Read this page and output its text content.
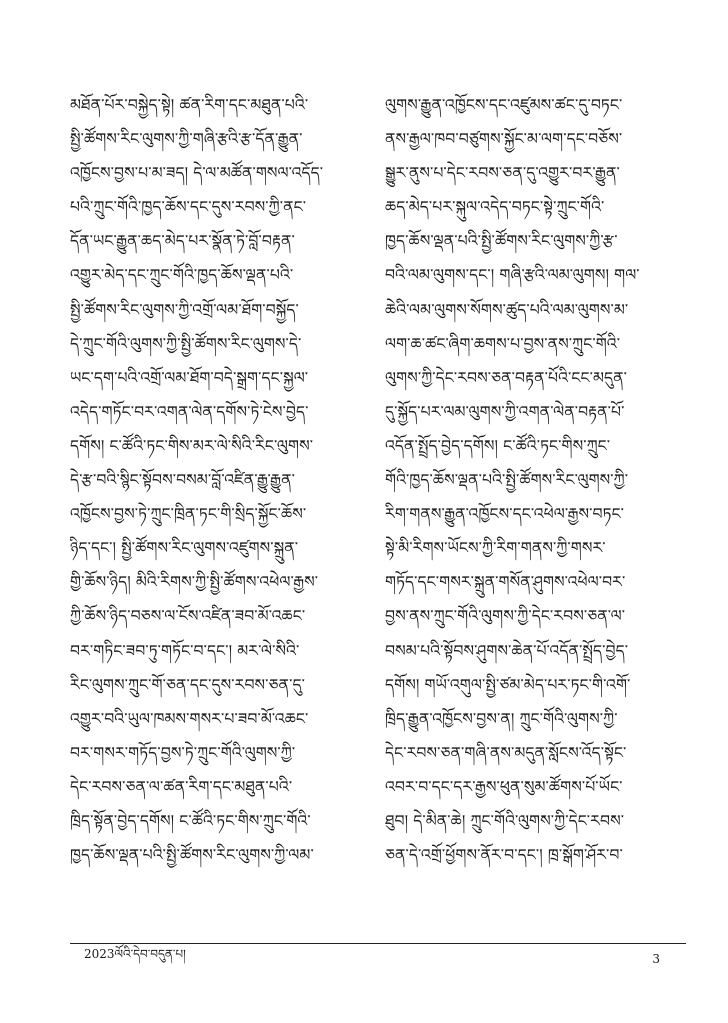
མཐོན་པོར་བསྐྱེད་སྟེ། ཚན་རིག་དང་མཐུན་པའི་
སྤྱི་ཚོགས་རིང་ལུགས་ཀྱི་གཞི་རྩའི་རྩ་དོན་རྒྱུན་
འཁྱོངས་བྱས་པ་མ་ཟད། དེ་ལ་མཚོན་གསལ་འདོད་
པའི་ཀྲུང་གོའི་ཁྱད་ཆོས་དང་དུས་རབས་ཀྱི་ནང་
དོན་ཡང་རྒྱུན་ཆད་མེད་པར་སྣོན་ཏེ་བློ་བརྟན་
འགྱུར་མེད་དང་ཀྲུང་གོའི་ཁྱད་ཆོས་ལྡན་པའི་
སྤྱི་ཚོགས་རིང་ལུགས་ཀྱི་འགྲོ་ལམ་ཐོག་བསྐྱོད་
དེ་ཀྲུང་གོའི་ལུགས་ཀྱི་སྤྱི་ཚོགས་རིང་ལུགས་དེ་
ཡང་དག་པའི་འགྲོ་ལམ་ཐོག་བདེ་སྒྲག་དང་སྐྱལ་
འདེད་གཏོང་བར་འགན་ལེན་དགོས་ཏེ་ངེས་བྱེད་
དགོས། ང་ཚོའི་ཏང་གིས་མར་ལེ་སིའི་རིང་ལུགས་
དེ་རྩ་བའི་སྙིང་སྟོབས་བསམ་བློ་འཛིན་རྒྱུ་རྒྱུན་
འཁྱོངས་བྱས་ཏེ་ཀྲུང་ཁྲིན་ཏང་གི་སྲིད་སྐྱོང་ཆོས་
ཉིད་དང་། སྤྱི་ཚོགས་རིང་ལུགས་འཛུགས་སྐྲུན་
གྱི་ཆོས་ཉིད། མིའི་རིགས་ཀྱི་སྤྱི་ཚོགས་འཕེལ་རྒྱས་
ཀྱི་ཆོས་ཉིད་བཅས་ལ་ངོས་འཛིན་ཟབ་མོ་འཆང་
བར་གཏིང་ཟབ་ཏུ་གཏོང་བ་དང་། མར་ལེ་སིའི་
རིང་ལུགས་ཀྲུང་གོ་ཅན་དང་དུས་རབས་ཅན་དུ་
འགྱུར་བའི་ཡུལ་ཁམས་གསར་པ་ཟབ་མོ་འཆང་
བར་གསར་གཏོད་བྱས་ཏེ་ཀྲུང་གོའི་ལུགས་ཀྱི་
དེང་རབས་ཅན་ལ་ཚན་རིག་དང་མཐུན་པའི་
ཁྲིད་སྟོན་བྱེད་དགོས། ང་ཚོའི་ཏང་གིས་ཀྲུང་གོའི་
ཁྱད་ཆོས་ལྡན་པའི་སྤྱི་ཚོགས་རིང་ལུགས་ཀྱི་ལམ་
ལུགས་རྒྱུན་འཁྱོངས་དང་འཛུམས་ཚང་དུ་བཏང་
ནས་རྒྱལ་ཁབ་བཙུགས་སྐྱོང་མ་ལག་དང་བཅོས་
སྒྱུར་ནུས་པ་དེང་རབས་ཅན་དུ་འགྱུར་བར་རྒྱུན་
ཆད་མེད་པར་སྐུལ་འདེད་བཏང་སྟེ་ཀྲུང་གོའི་
ཁྱད་ཆོས་ལྡན་པའི་སྤྱི་ཚོགས་རིང་ལུགས་ཀྱི་རྩ་
བའི་ལམ་ལུགས་དང་། གཞི་རྩའི་ལམ་ལུགས། གལ་
ཆེའི་ལམ་ལུགས་སོགས་ཚུད་པའི་ལམ་ལུགས་མ་
ལག་ཆ་ཚང་ཞིག་ཆགས་པ་བྱས་ནས་ཀྲུང་གོའི་
ལུགས་ཀྱི་དེང་རབས་ཅན་བརྟན་པོའི་ངང་མདུན་
དུ་སྐྱོད་པར་ལམ་ལུགས་ཀྱི་འགན་ལེན་བརྟན་པོ་
འདོན་སྤྲོད་བྱེད་དགོས། ང་ཚོའི་ཏང་གིས་ཀྲུང་
གོའི་ཁྱད་ཆོས་ལྡན་པའི་སྤྱི་ཚོགས་རིང་ལུགས་ཀྱི་
རིག་གནས་རྒྱུན་འཁྱོངས་དང་འཕེལ་རྒྱས་བཏང་
སྟེ་མི་རིགས་ཡོངས་ཀྱི་རིག་གནས་ཀྱི་གསར་
གཏོད་དང་གསར་སྐྲུན་གསོན་ཤུགས་འཕེལ་བར་
བྱས་ནས་ཀྲུང་གོའི་ལུགས་ཀྱི་དེང་རབས་ཅན་ལ་
བསམ་པའི་སྟོབས་ཤུགས་ཆེན་པོ་འདོན་སྤྲོད་བྱེད་
དགོས། གཡོ་འགུལ་སྤྱི་ཙམ་མེད་པར་ཏང་གི་འགོ་
ཁྲིད་རྒྱུན་འཁྱོངས་བྱས་ན། ཀྲུང་གོའི་ལུགས་ཀྱི་
དེང་རབས་ཅན་གཞི་ནས་མདུན་སློངས་འོད་སྟོང་
འབར་བ་དང་དར་རྒྱས་ཕུན་སུམ་ཚོགས་པོ་ཡོང་
ཐུབ། དེ་མིན་ཆེ། ཀྲུང་གོའི་ལུགས་ཀྱི་དེང་རབས་
ཅན་དེ་འགྲོ་ཕྱོགས་ནོར་བ་དང་། ཁྲ་སྒོག་ཤོར་བ་
2023ལོའི་དེབ་བདུན་པ།	3
